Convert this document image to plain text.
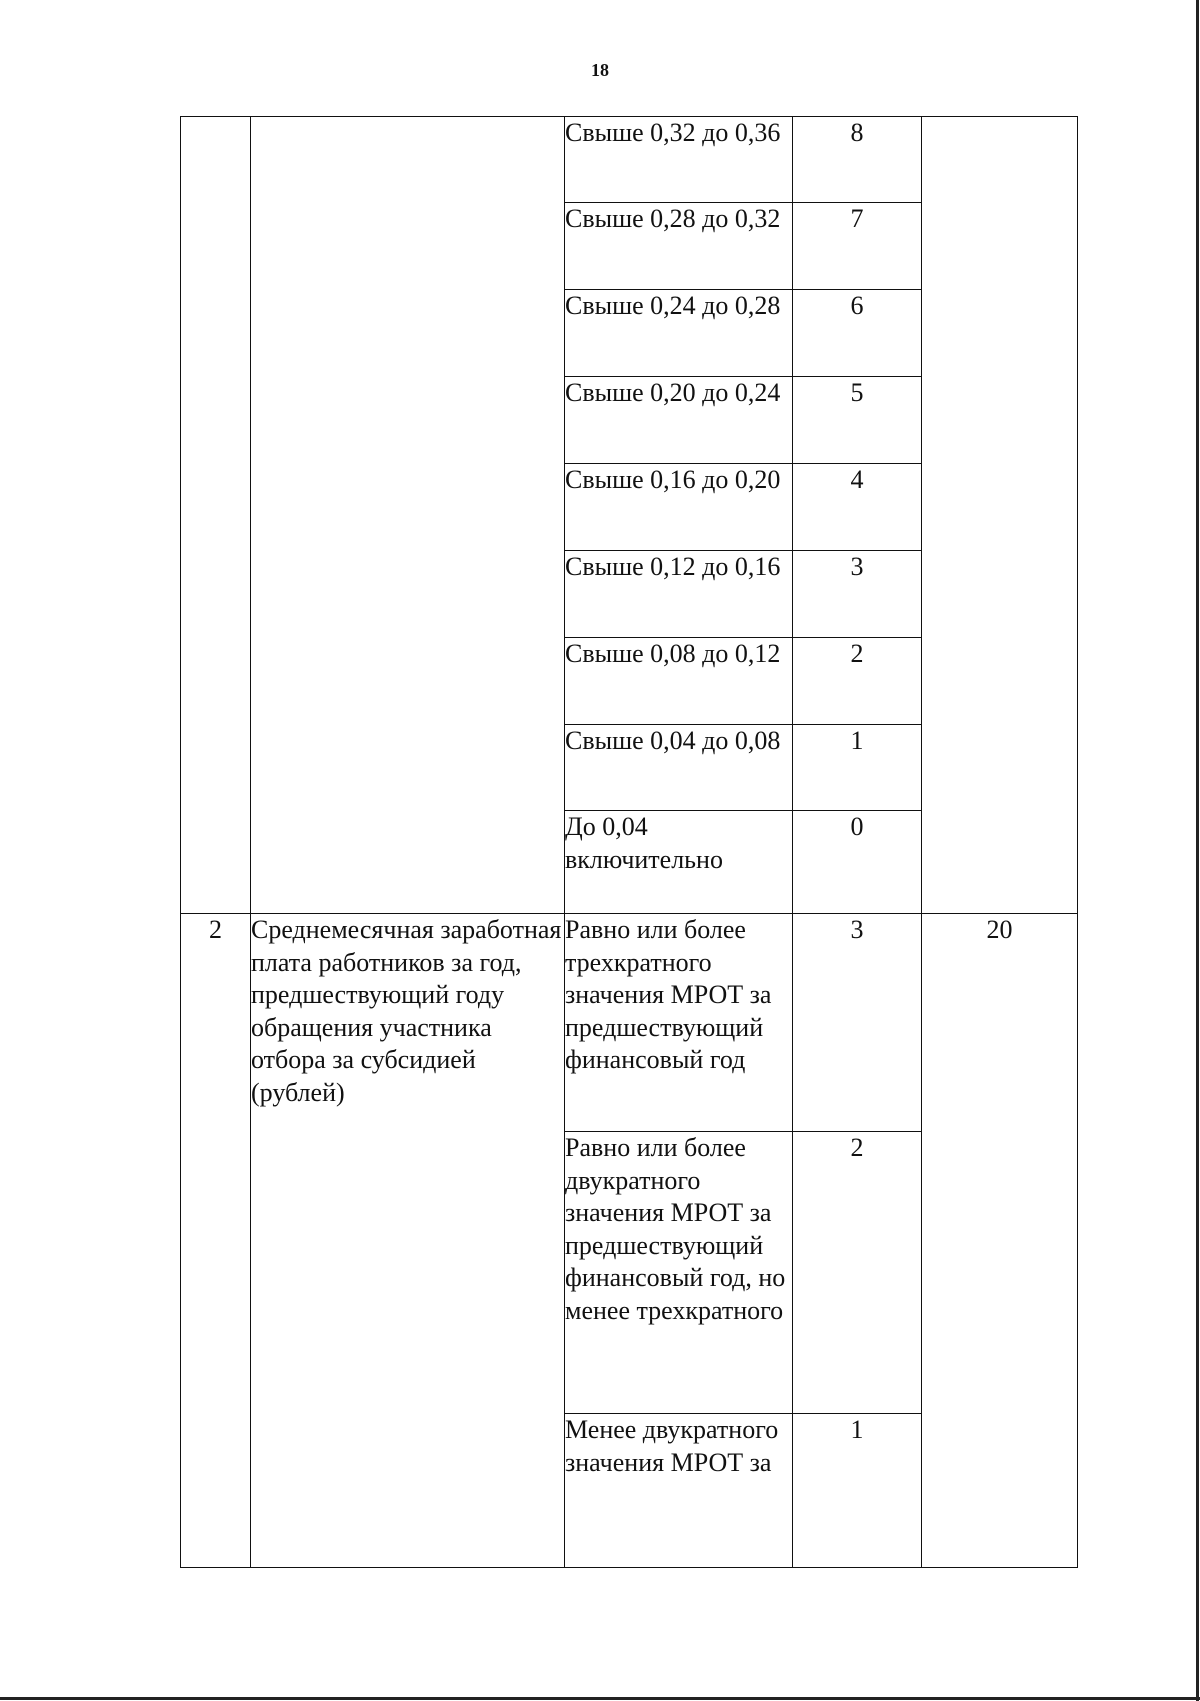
18
		Свыше 0,32 до 0,36	8	
		Свыше 0,28 до 0,32	7	
		Свыше 0,24 до 0,28	6	
		Свыше 0,20 до 0,24	5	
		Свыше 0,16 до 0,20	4	
		Свыше 0,12 до 0,16	3	
		Свыше 0,08 до 0,12	2	
		Свыше 0,04 до 0,08	1	
		До 0,04 включительно	0	
2	Среднемесячная заработная плата работников за год, предшествующий году обращения участника отбора за субсидией (рублей)	Равно или более трехкратного значения МРОТ за предшествующий финансовый год	3	20
		Равно или более двукратного значения МРОТ за предшествующий финансовый год, но менее трехкратного	2	
		Менее двукратного значения МРОТ за	1	
